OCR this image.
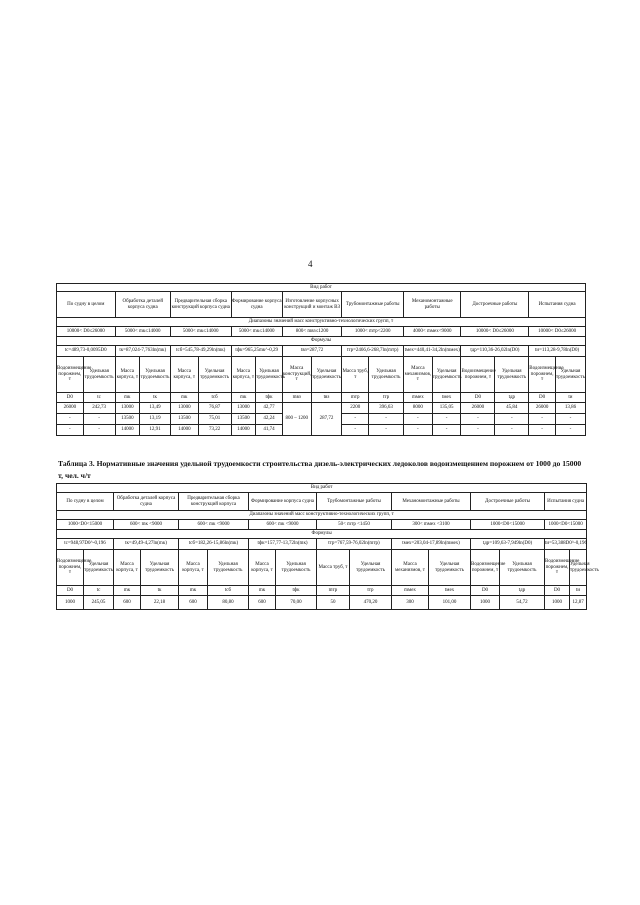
4
Вид работ																	
По судну в целом		Обработка деталей корпуса судна		Предварительная сборка конструкций корпуса судна		Формирование корпуса судна		Изготовление корпусных конструкций и монтаж ВЗ		Трубомонтажные работы		Механомонтажные работы		Достроечные работы		Испытания судна	
Диапазоны значений масс конструктивно-технологических групп, т																	
10000< D0≤26000		5000< mк≤14000		5000< mк≤14000		5000< mк≤14000		800< mвз≤1200		1000< mтр<2200		4000< mмех<9000		10000< D0≤26000		10000< D0≤26000	
Формулы																	
tс=489,73-0,0095D0		tк=87,024-7,763ln(mк)		tсб=545,78-49,29ln(mк)		tфк=965,25mк^-0,29		tвз=287,72		tтр=2466,6-268,7ln(mтр)		tмех=440,41-34,2ln(mмех)		tдр=110,36-26,02ln(D0)		tи=113,28-9,78ln(D0)	
Водоизмещение порожнем, т	Удельная трудоемкость	Масса корпуса, т	Удельная трудоемкость	Масса корпуса, т	Удельная трудоемкость	Масса корпуса, т	Удельная трудоемкость	Масса конструкций, т	Удельная трудоемкость	Масса труб, т	Удельная трудоемкость	Масса механизмов, т	Удельная трудоемкость	Водоизмещение порожнем, т	Удельная трудоемкость	Водоизмещение порожнем, т	Удельная трудоемкость
D0	tс	mк	tк	mк	tсб	mк	tфк	mвз	tвз	mтр	tтр	mмех	tмех	D0	tдр	D0	tи
26000	242,73	13000	13,49	13000	76,87	13000	42,77	800 – 1200	287,72	2200	396,63	8000	135,05	26000	45,84	26000	13,86
-	-	13500	13,19	13500	75,01	13500	42,24			-	-	-	-	-	-	-	-
-	-	14000	12,91	14000	73,22	14000	41,74			-	-	-	-	-	-	-	-
Таблица 3. Нормативные значения удельной трудоемкости строительства дизель-электрических ледоколов водоизмещением порожнем от 1000 до 15000 т, чел. ч/т
Вид работ															
По судну в целом		Обработка деталей корпуса судна		Предварительная сборка конструкций корпуса		Формирование корпуса судна		Трубомонтажные работы		Механомонтажные работы		Достроечные работы		Испытания судна	
Диапазоны значений масс конструктивно-технологических групп, т															
1000<D0<15000		600< mк <9000		600< mк <9000		600< mк <9000		50< mтр <1450		300< mмех <3100		1000<D0<15000		1000<D0<15000	
Формулы															
tс=948,97D0^-0,196		tк=49,49-4,27ln(mк)		tсб=182,26-15,86ln(mк)		tфк=157,77-13,72ln(mк)		tтр=767,59-76,02ln(mтр)		tмех=203,04-17,89ln(mмех)		tдр=109,63-7,949ln(D0)		tи=53,388D0^-0,196	
Водоизмещение порожнем, т	Удельная трудоемкость	Масса корпуса, т	Удельная трудоемкость	Масса корпуса, т	Удельная трудоемкость	Масса корпуса, т	Удельная трудоемкость	Масса труб, т	Удельная трудоемкость	Масса механизмов, т	Удельная трудоемкость	Водоизмещение порожнем, т	Удельная трудоемкость	Водоизмещение порожнем, т	Удельная трудоемкость
D0	tс	mк	tк	mк	tсб	mк	tфк	mтр	tтр	mмех	tмех	D0	tдр	D0	tи
1000	245,05	600	22,18	600	80,80	600	70,00	50	470,20	300	101,00	1000	54,72	1000	12,87
